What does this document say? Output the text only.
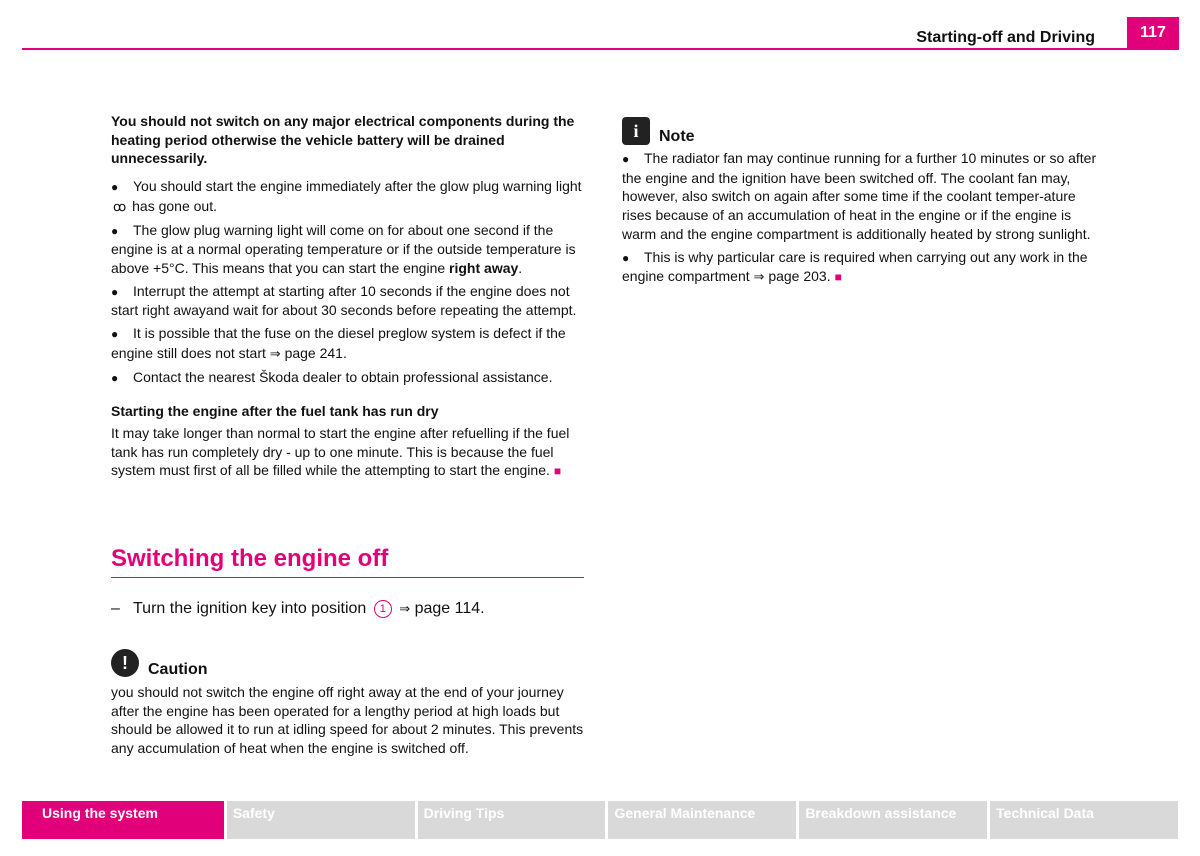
Starting-off and Driving	117

You should not switch on any major electrical components during the heating period otherwise the vehicle battery will be drained unnecessarily.

●You should start the engine immediately after the glow plug warning light ꝏ has gone out.

●The glow plug warning light will come on for about one second if the engine is at a normal operating temperature or if the outside temperature is above +5°C. This means that you can start the engine right away.

●Interrupt the attempt at starting after 10 seconds if the engine does not start right awayand wait for about 30 seconds before repeating the attempt.

●It is possible that the fuse on the diesel preglow system is defect if the engine still does not start ⇒ page 241.

●Contact the nearest Škoda dealer to obtain professional assistance.

Starting the engine after the fuel tank has run dry

It may take longer than normal to start the engine after refuelling if the fuel tank has run completely dry - up to one minute. This is because the fuel system must first of all be filled while the attempting to start the engine. ■

Switching the engine off
– Turn the ignition key into position 1 ⇒ page 114.
!	Caution
you should not switch the engine off right away at the end of your journey after the engine has been operated for a lengthy period at high loads but should be allowed it to run at idling speed for about 2 minutes. This prevents any accumulation of heat when the engine is switched off.
i	Note

●The radiator fan may continue running for a further 10 minutes or so after the engine and the ignition have been switched off. The coolant fan may, however, also switch on again after some time if the coolant temper-ature rises because of an accumulation of heat in the engine or if the engine is warm and the engine compartment is additionally heated by strong sunlight.

●This is why particular care is required when carrying out any work in the engine compartment ⇒ page 203. ■

Using the system	Safety	Driving Tips	General Maintenance	Breakdown assistance	Technical Data
